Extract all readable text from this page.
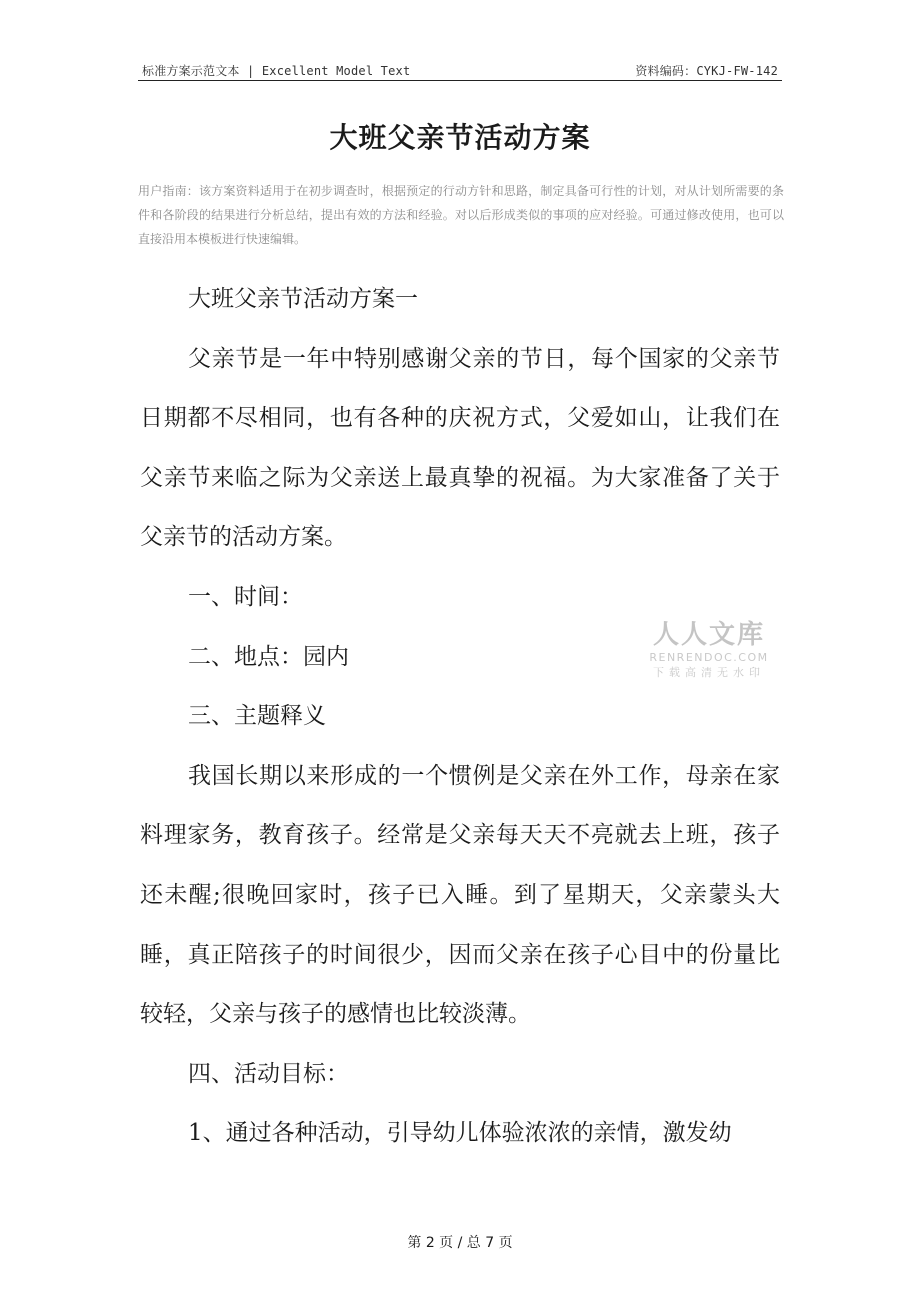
标准方案示范文本 | Excellent Model Text	资料编码：CYKJ-FW-142
大班父亲节活动方案
用户指南：该方案资料适用于在初步调查时，根据预定的行动方针和思路，制定具备可行性的计划，对从计划所需要的条件和各阶段的结果进行分析总结，提出有效的方法和经验。对以后形成类似的事项的应对经验。可通过修改使用，也可以直接沿用本模板进行快速编辑。

大班父亲节活动方案一

父亲节是一年中特别感谢父亲的节日，每个国家的父亲节日期都不尽相同，也有各种的庆祝方式，父爱如山，让我们在父亲节来临之际为父亲送上最真挚的祝福。为大家准备了关于父亲节的活动方案。

一、时间：

二、地点：园内

三、主题释义

我国长期以来形成的一个惯例是父亲在外工作，母亲在家料理家务，教育孩子。经常是父亲每天天不亮就去上班，孩子还未醒;很晚回家时，孩子已入睡。到了星期天，父亲蒙头大睡，真正陪孩子的时间很少，因而父亲在孩子心目中的份量比较轻，父亲与孩子的感情也比较淡薄。

四、活动目标：

1、通过各种活动，引导幼儿体验浓浓的亲情，激发幼

人人文库
RENRENDOC.COM
下载高清无水印
第 2 页 / 总 7 页
